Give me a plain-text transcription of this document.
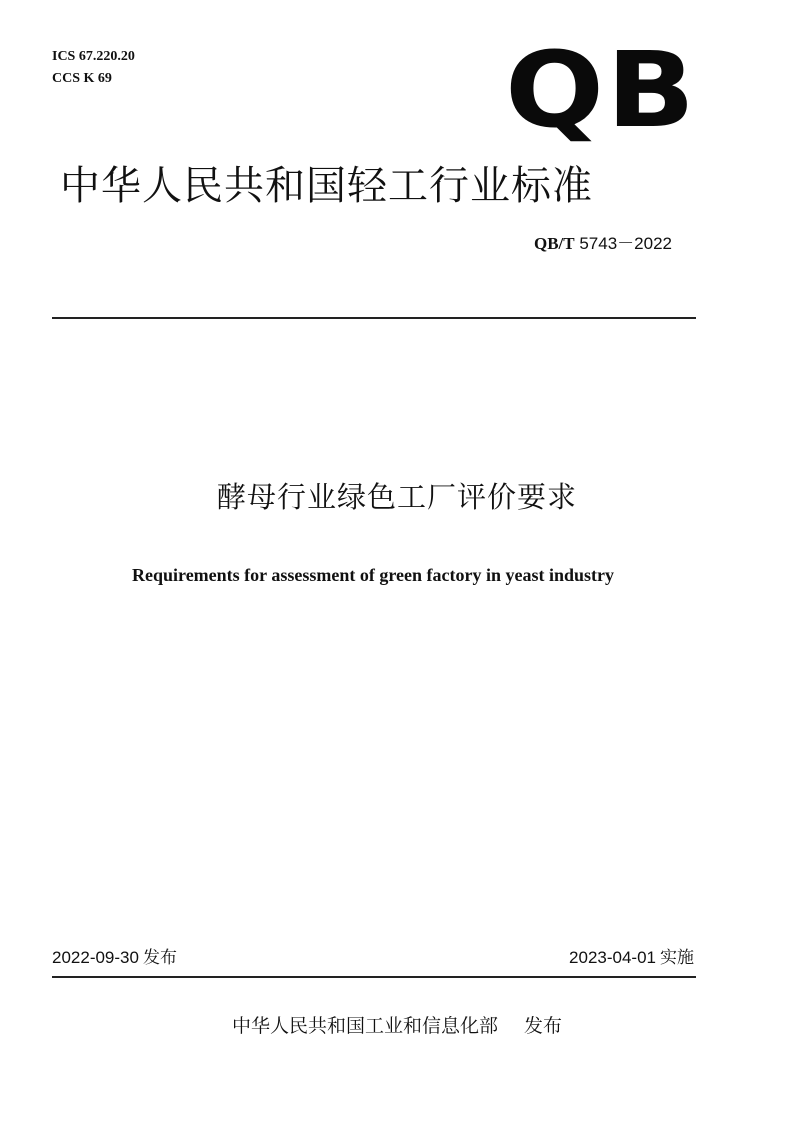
ICS 67.220.20
CCS K 69	QB
中华人民共和国轻工行业标准
QB/T 5743－2022
酵母行业绿色工厂评价要求
Requirements for assessment of green factory in yeast industry
2022-09-30 发布	2023-04-01 实施
中华人民共和国工业和信息化部 发布
